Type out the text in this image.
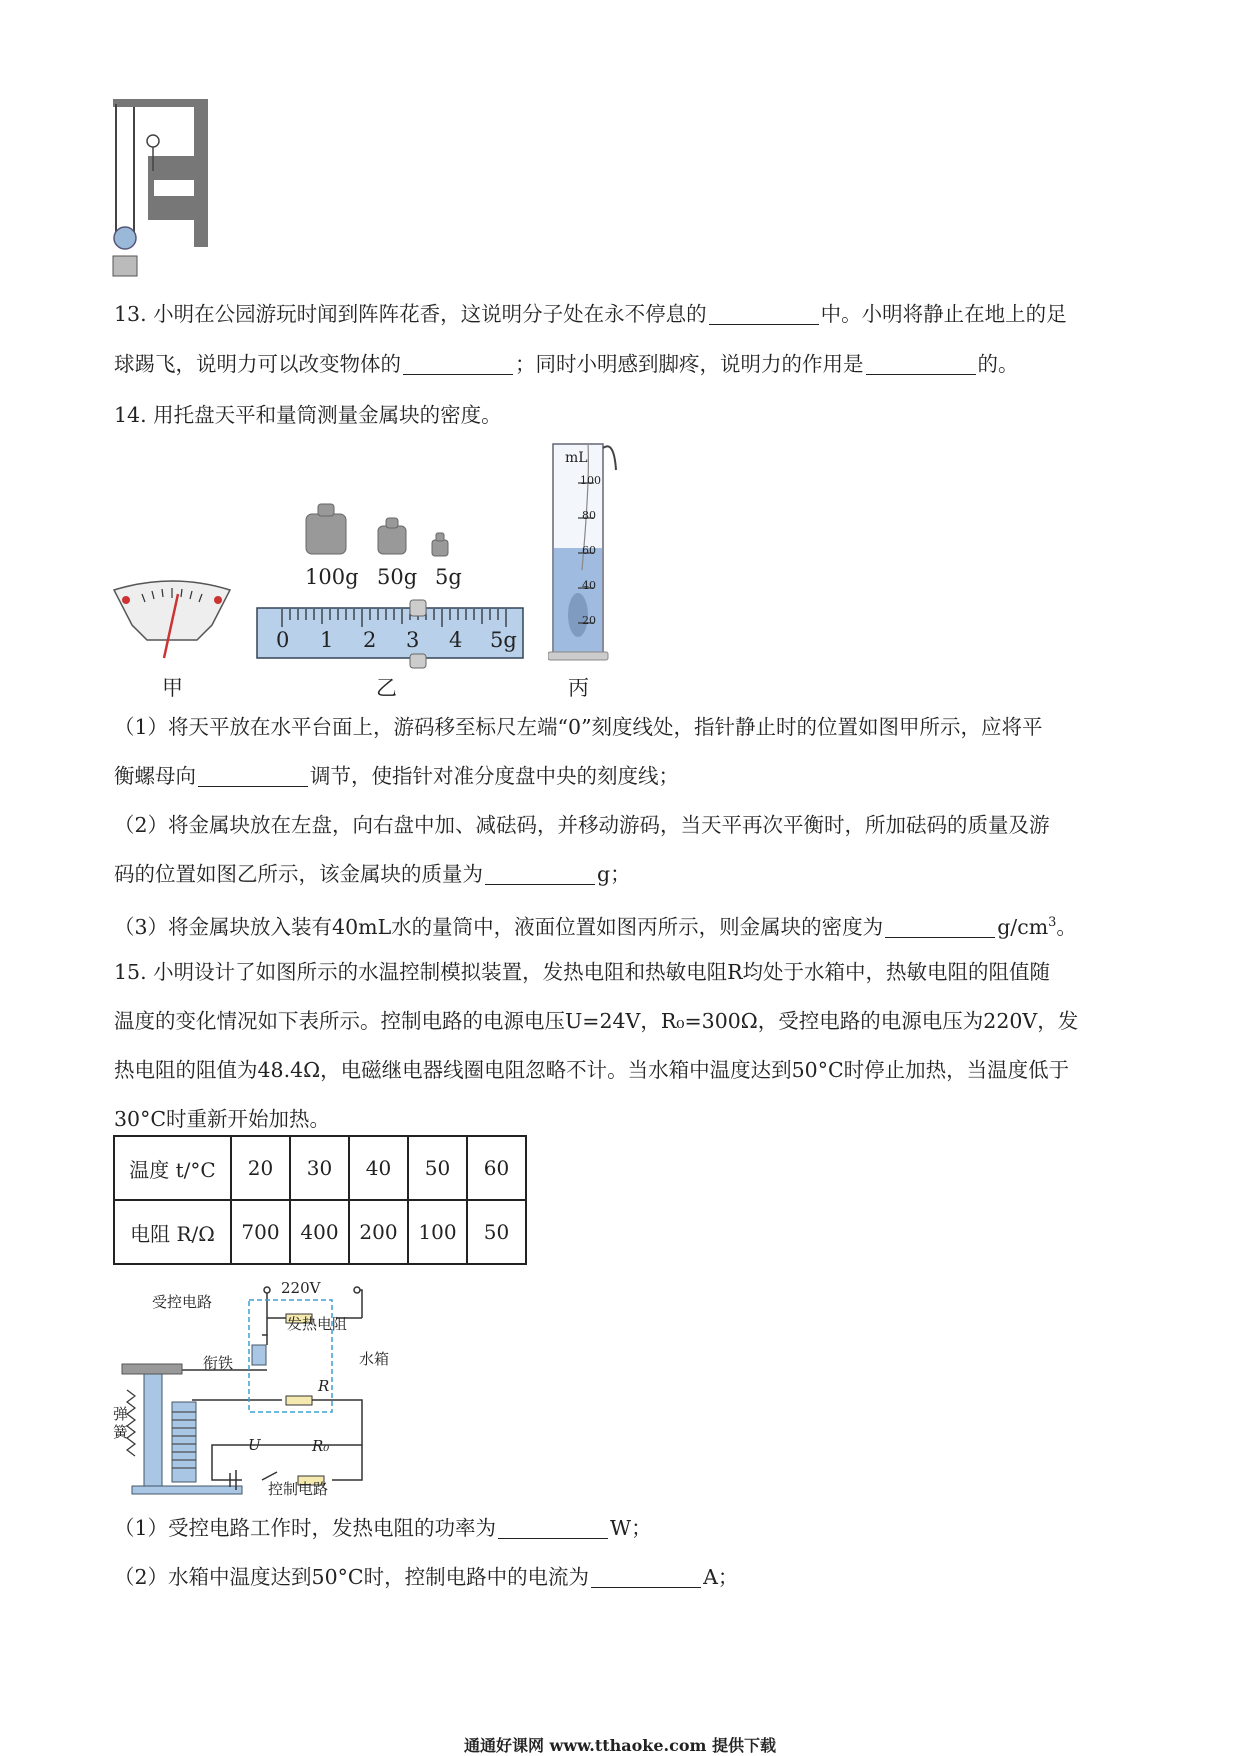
13. 小明在公园游玩时闻到阵阵花香，这说明分子处在永不停息的	中。小明将静止在地上的足
球踢飞，说明力可以改变物体的	；同时小明感到脚疼，说明力的作用是	的。
14. 用托盘天平和量筒测量金属块的密度。
100g 50g 5g
0 1 2 3 4 5g
mL
100
80
60
40
20
甲	乙	丙
（1）将天平放在水平台面上，游码移至标尺左端“0”刻度线处，指针静止时的位置如图甲所示，应将平
衡螺母向	调节，使指针对准分度盘中央的刻度线；
（2）将金属块放在左盘，向右盘中加、减砝码，并移动游码，当天平再次平衡时，所加砝码的质量及游
码的位置如图乙所示，该金属块的质量为	g；
（3）将金属块放入装有40mL水的量筒中，液面位置如图丙所示，则金属块的密度为	$g/cm^3$。
15. 小明设计了如图所示的水温控制模拟装置，发热电阻和热敏电阻R均处于水箱中，热敏电阻的阻值随
温度的变化情况如下表所示。控制电路的电源电压U=24V，R₀=300Ω，受控电路的电源电压为220V，发
热电阻的阻值为48.4Ω，电磁继电器线圈电阻忽略不计。当水箱中温度达到50°C时停止加热，当温度低于
30°C时重新开始加热。
温度 t/°C	20	30	40	50	60
电阻 R/Ω	700	400	200	100	50
220V
受控电路
发热电阻
水箱
衔铁
弹簧
R
U	R₀
控制电路
（1）受控电路工作时，发热电阻的功率为	W；
（2）水箱中温度达到50°C时，控制电路中的电流为	A；
通通好课网 www.tthaoke.com 提供下载
